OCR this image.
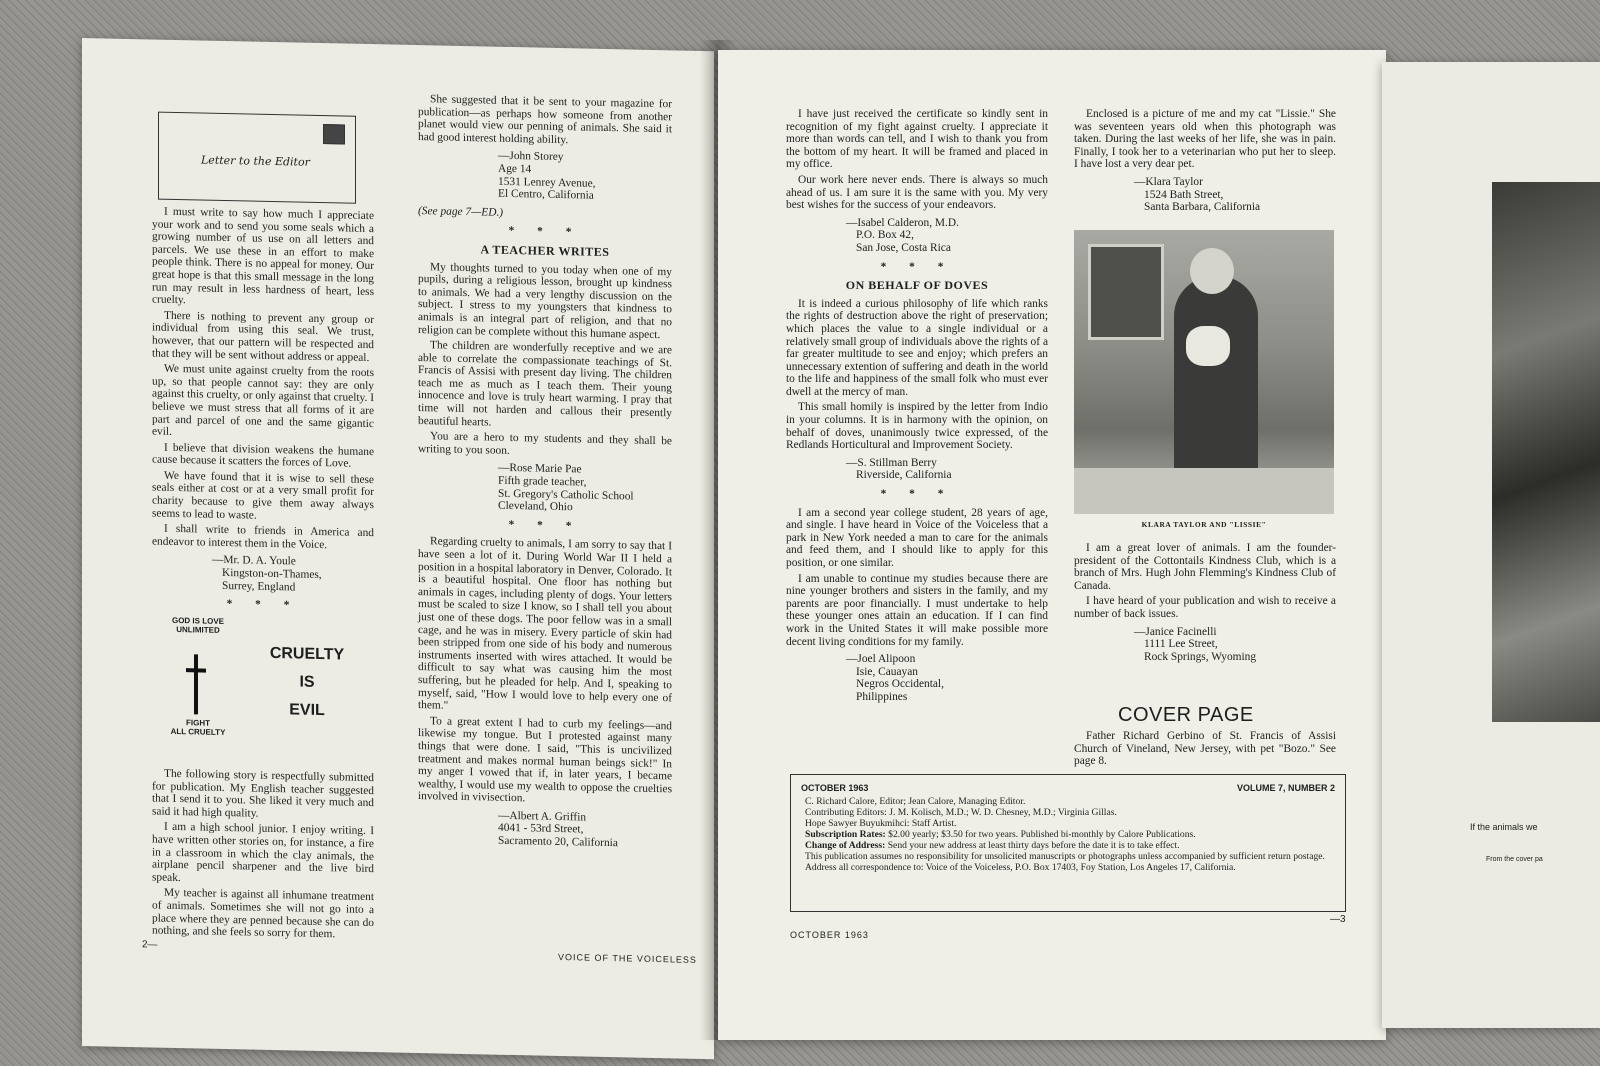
Letter to the Editor

I must write to say how much I appreciate your work and to send you some seals which a growing number of us use on all letters and parcels. We use these in an effort to make people think. There is no appeal for money. Our great hope is that this small message in the long run may result in less hardness of heart, less cruelty.

There is nothing to prevent any group or individual from using this seal. We trust, however, that our pattern will be respected and that they will be sent without address or appeal.

We must unite against cruelty from the roots up, so that people cannot say: they are only against this cruelty, or only against that cruelty. I believe we must stress that all forms of it are part and parcel of one and the same gigantic evil.

I believe that division weakens the humane cause because it scatters the forces of Love.

We have found that it is wise to sell these seals either at cost or at a very small profit for charity because to give them away always seems to lead to waste.

I shall write to friends in America and endeavor to interest them in the Voice.

—Mr. D. A. Youle
Kingston-on-Thames,
Surrey, England
* * *
GOD IS LOVE
UNLIMITED
FIGHT
ALL CRUELTY
CRUELTY
IS
EVIL

The following story is respectfully submitted for publication. My English teacher suggested that I send it to you. She liked it very much and said it had high quality.

I am a high school junior. I enjoy writing. I have written other stories on, for instance, a fire in a classroom in which the clay animals, the airplane pencil sharpener and the live bird speak.

My teacher is against all inhumane treatment of animals. Sometimes she will not go into a place where they are penned because she can do nothing, and she feels so sorry for them.

She suggested that it be sent to your magazine for publication—as perhaps how someone from another planet would view our penning of animals. She said it had good interest holding ability.

—John Storey
Age 14
1531 Lenrey Avenue,
El Centro, California
(See page 7—ED.)
* * *
A TEACHER WRITES

My thoughts turned to you today when one of my pupils, during a religious lesson, brought up kindness to animals. We had a very lengthy discussion on the subject. I stress to my youngsters that kindness to animals is an integral part of religion, and that no religion can be complete without this humane aspect.

The children are wonderfully receptive and we are able to correlate the compassionate teachings of St. Francis of Assisi with present day living. The children teach me as much as I teach them. Their young innocence and love is truly heart warming. I pray that time will not harden and callous their presently beautiful hearts.

You are a hero to my students and they shall be writing to you soon.

—Rose Marie Pae
Fifth grade teacher,
St. Gregory's Catholic School
Cleveland, Ohio
* * *

Regarding cruelty to animals, I am sorry to say that I have seen a lot of it. During World War II I held a position in a hospital laboratory in Denver, Colorado. It is a beautiful hospital. One floor has nothing but animals in cages, including plenty of dogs. Your letters must be scaled to size I know, so I shall tell you about just one of these dogs. The poor fellow was in a small cage, and he was in misery. Every particle of skin had been stripped from one side of his body and numerous instruments inserted with wires attached. It would be difficult to say what was causing him the most suffering, but he pleaded for help. And I, speaking to myself, said, "How I would love to help every one of them."

To a great extent I had to curb my feelings—and likewise my tongue. But I protested against many things that were done. I said, "This is uncivilized treatment and makes normal human beings sick!" In my anger I vowed that if, in later years, I became wealthy, I would use my wealth to oppose the cruelties involved in vivisection.

—Albert A. Griffin
4041 - 53rd Street,
Sacramento 20, California
2—
VOICE OF THE VOICELESS

I have just received the certificate so kindly sent in recognition of my fight against cruelty. I appreciate it more than words can tell, and I wish to thank you from the bottom of my heart. It will be framed and placed in my office.

Our work here never ends. There is always so much ahead of us. I am sure it is the same with you. My very best wishes for the success of your endeavors.

—Isabel Calderon, M.D.
P.O. Box 42,
San Jose, Costa Rica
* * *
ON BEHALF OF DOVES

It is indeed a curious philosophy of life which ranks the rights of destruction above the right of preservation; which places the value to a single individual or a relatively small group of individuals above the rights of a far greater multitude to see and enjoy; which prefers an unnecessary extention of suffering and death in the world to the life and happiness of the small folk who must ever dwell at the mercy of man.

This small homily is inspired by the letter from Indio in your columns. It is in harmony with the opinion, on behalf of doves, unanimously twice expressed, of the Redlands Horticultural and Improvement Society.

—S. Stillman Berry
Riverside, California
* * *

I am a second year college student, 28 years of age, and single. I have heard in Voice of the Voiceless that a park in New York needed a man to care for the animals and feed them, and I should like to apply for this position, or one similar.

I am unable to continue my studies because there are nine younger brothers and sisters in the family, and my parents are poor financially. I must undertake to help these younger ones attain an education. If I can find work in the United States it will make possible more decent living conditions for my family.

—Joel Alipoon
Isie, Cauayan
Negros Occidental,
Philippines

Enclosed is a picture of me and my cat "Lissie." She was seventeen years old when this photograph was taken. During the last weeks of her life, she was in pain. Finally, I took her to a veterinarian who put her to sleep. I have lost a very dear pet.

—Klara Taylor
1524 Bath Street,
Santa Barbara, California
KLARA TAYLOR AND "LISSIE"

I am a great lover of animals. I am the founder-president of the Cottontails Kindness Club, which is a branch of Mrs. Hugh John Flemming's Kindness Club of Canada.

I have heard of your publication and wish to receive a number of back issues.

—Janice Facinelli
1111 Lee Street,
Rock Springs, Wyoming
COVER PAGE

Father Richard Gerbino of St. Francis of Assisi Church of Vineland, New Jersey, with pet "Bozo." See page 8.

OCTOBER 1963	VOLUME 7, NUMBER 2
C. Richard Calore, Editor; Jean Calore, Managing Editor.
Contributing Editors: J. M. Kolisch, M.D.; W. D. Chesney, M.D.; Virginia Gillas.
Hope Sawyer Buyukmihci: Staff Artist.
Subscription Rates: $2.00 yearly; $3.50 for two years. Published bi-monthly by Calore Publications.
Change of Address: Send your new address at least thirty days before the date it is to take effect.
This publication assumes no responsibility for unsolicited manuscripts or photographs unless accompanied by sufficient return postage.
Address all correspondence to: Voice of the Voiceless, P.O. Box 17403, Foy Station, Los Angeles 17, California.
OCTOBER 1963
—3
If the animals we
From the cover pa
